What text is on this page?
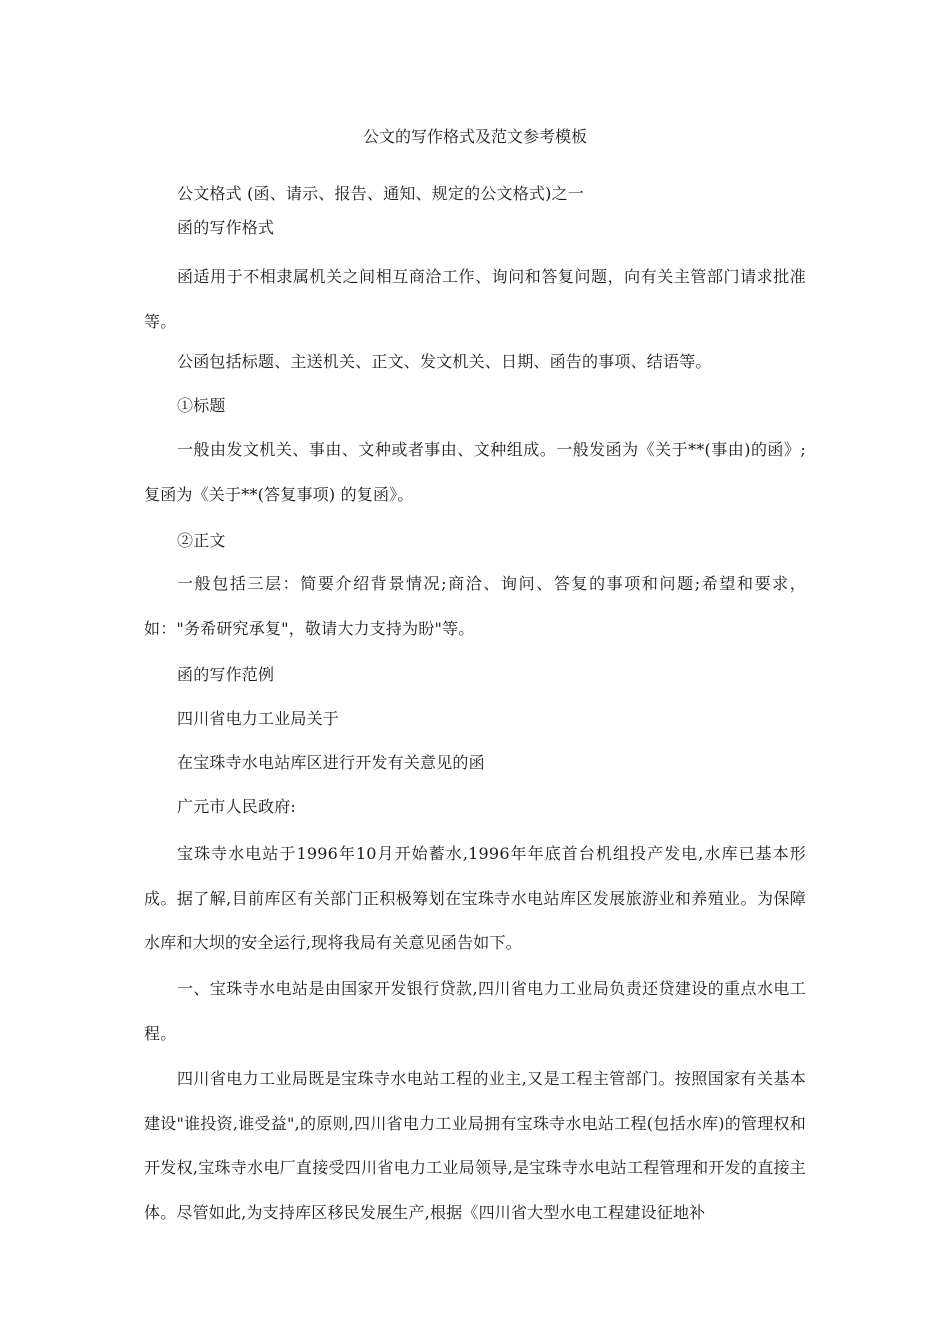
公文的写作格式及范文参考模板

公文格式 (函、请示、报告、通知、规定的公文格式)之一

函的写作格式

函适用于不相隶属机关之间相互商洽工作、询问和答复问题，向有关主管部门请求批准等。

公函包括标题、主送机关、正文、发文机关、日期、函告的事项、结语等。

①标题

一般由发文机关、事由、文种或者事由、文种组成。一般发函为《关于**(事由)的函》; 复函为《关于**(答复事项) 的复函》。

②正文

一般包括三层：简要介绍背景情况;商洽、询问、答复的事项和问题;希望和要求，如："务希研究承复"，敬请大力支持为盼"等。

函的写作范例

四川省电力工业局关于

在宝珠寺水电站库区进行开发有关意见的函

广元市人民政府:

宝珠寺水电站于1996年10月开始蓄水,1996年年底首台机组投产发电,水库已基本形成。据了解,目前库区有关部门正积极筹划在宝珠寺水电站库区发展旅游业和养殖业。为保障水库和大坝的安全运行,现将我局有关意见函告如下。

一、宝珠寺水电站是由国家开发银行贷款,四川省电力工业局负责还贷建设的重点水电工程。

四川省电力工业局既是宝珠寺水电站工程的业主,又是工程主管部门。按照国家有关基本建设"谁投资,谁受益",的原则,四川省电力工业局拥有宝珠寺水电站工程(包括水库)的管理权和开发权,宝珠寺水电厂直接受四川省电力工业局领导,是宝珠寺水电站工程管理和开发的直接主体。尽管如此,为支持库区移民发展生产,根据《四川省大型水电工程建设征地补
